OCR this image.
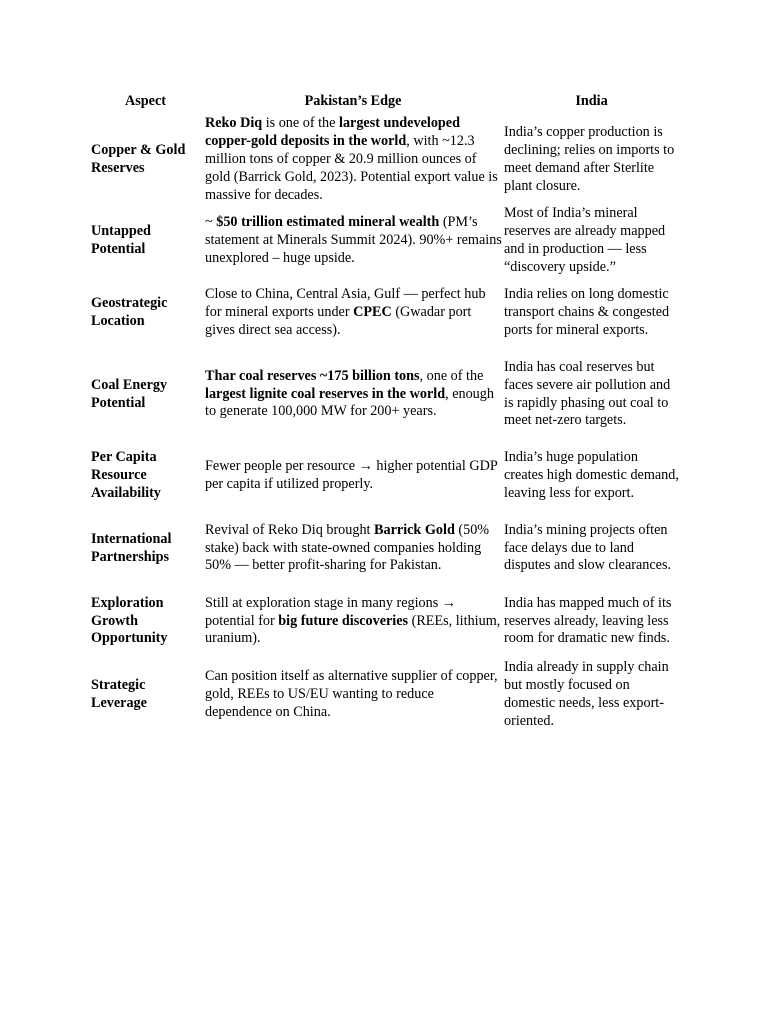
Aspect	Pakistan’s Edge	India
Copper & Gold Reserves	Reko Diq is one of the largest undeveloped copper-gold deposits in the world, with ~12.3 million tons of copper & 20.9 million ounces of gold (Barrick Gold, 2023). Potential export value is massive for decades.	India’s copper production is declining; relies on imports to meet demand after Sterlite plant closure.
Untapped Potential	~ $50 trillion estimated mineral wealth (PM’s statement at Minerals Summit 2024). 90%+ remains unexplored – huge upside.	Most of India’s mineral reserves are already mapped and in production — less “discovery upside.”
Geostrategic Location	Close to China, Central Asia, Gulf — perfect hub for mineral exports under CPEC (Gwadar port gives direct sea access).	India relies on long domestic transport chains & congested ports for mineral exports.
Coal Energy Potential	Thar coal reserves ~175 billion tons, one of the largest lignite coal reserves in the world, enough to generate 100,000 MW for 200+ years.	India has coal reserves but faces severe air pollution and is rapidly phasing out coal to meet net-zero targets.
Per Capita Resource Availability	Fewer people per resource → higher potential GDP per capita if utilized properly.	India’s huge population creates high domestic demand, leaving less for export.
International Partnerships	Revival of Reko Diq brought Barrick Gold (50% stake) back with state-owned companies holding 50% — better profit-sharing for Pakistan.	India’s mining projects often face delays due to land disputes and slow clearances.
Exploration Growth Opportunity	Still at exploration stage in many regions → potential for big future discoveries (REEs, lithium, uranium).	India has mapped much of its reserves already, leaving less room for dramatic new finds.
Strategic Leverage	Can position itself as alternative supplier of copper, gold, REEs to US/EU wanting to reduce dependence on China.	India already in supply chain but mostly focused on domestic needs, less export-oriented.
